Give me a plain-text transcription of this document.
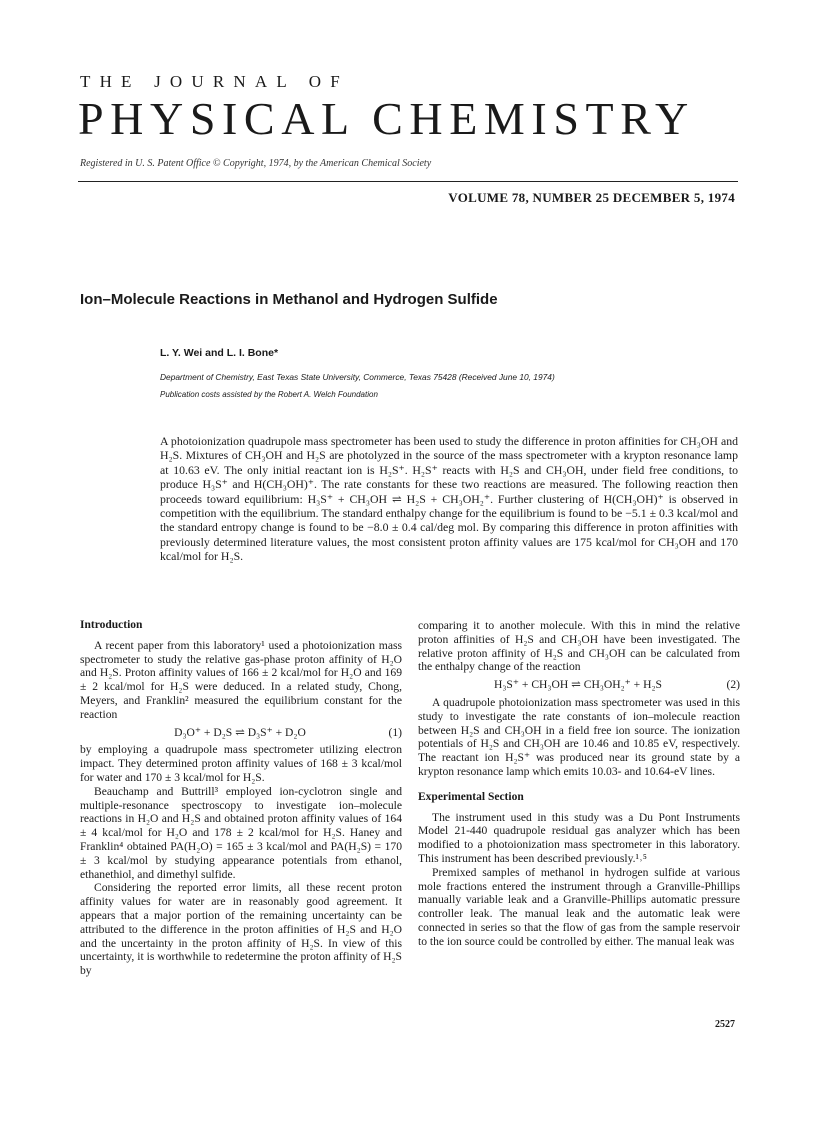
THE JOURNAL OF
PHYSICAL CHEMISTRY
Registered in U. S. Patent Office © Copyright, 1974, by the American Chemical Society
VOLUME 78, NUMBER 25 DECEMBER 5, 1974
Ion–Molecule Reactions in Methanol and Hydrogen Sulfide
L. Y. Wei and L. I. Bone*
Department of Chemistry, East Texas State University, Commerce, Texas 75428 (Received June 10, 1974)
Publication costs assisted by the Robert A. Welch Foundation
A photoionization quadrupole mass spectrometer has been used to study the difference in proton affinities for CH₃OH and H₂S. Mixtures of CH₃OH and H₂S are photolyzed in the source of the mass spectrometer with a krypton resonance lamp at 10.63 eV. The only initial reactant ion is H₂S⁺. H₂S⁺ reacts with H₂S and CH₃OH, under field free conditions, to produce H₃S⁺ and H(CH₃OH)⁺. The rate constants for these two reactions are measured. The following reaction then proceeds toward equilibrium: H₃S⁺ + CH₃OH ⇌ H₂S + CH₃OH₂⁺. Further clustering of H(CH₃OH)⁺ is observed in competition with the equilibrium. The standard enthalpy change for the equilibrium is found to be −5.1 ± 0.3 kcal/mol and the standard entropy change is found to be −8.0 ± 0.4 cal/deg mol. By comparing this difference in proton affinities with previously determined literature values, the most consistent proton affinity values are 175 kcal/mol for CH₃OH and 170 kcal/mol for H₂S.
Introduction

A recent paper from this laboratory¹ used a photoionization mass spectrometer to study the relative gas-phase proton affinity of H₂O and H₂S. Proton affinity values of 166 ± 2 kcal/mol for H₂O and 169 ± 2 kcal/mol for H₂S were deduced. In a related study, Chong, Meyers, and Franklin² measured the equilibrium constant for the reaction

D₃O⁺ + D₂S ⇌ D₃S⁺ + D₂O	(1)

by employing a quadrupole mass spectrometer utilizing electron impact. They determined proton affinity values of 168 ± 3 kcal/mol for water and 170 ± 3 kcal/mol for H₂S.

Beauchamp and Buttrill³ employed ion-cyclotron single and multiple-resonance spectroscopy to investigate ion–molecule reactions in H₂O and H₂S and obtained proton affinity values of 164 ± 4 kcal/mol for H₂O and 178 ± 2 kcal/mol for H₂S. Haney and Franklin⁴ obtained PA(H₂O) = 165 ± 3 kcal/mol and PA(H₂S) = 170 ± 3 kcal/mol by studying appearance potentials from ethanol, ethanethiol, and dimethyl sulfide.

Considering the reported error limits, all these recent proton affinity values for water are in reasonably good agreement. It appears that a major portion of the remaining uncertainty can be attributed to the difference in the proton affinities of H₂S and H₂O and the uncertainty in the proton affinity of H₂S. In view of this uncertainty, it is worthwhile to redetermine the proton affinity of H₂S by

comparing it to another molecule. With this in mind the relative proton affinities of H₂S and CH₃OH have been investigated. The relative proton affinity of H₂S and CH₃OH can be calculated from the enthalpy change of the reaction

H₃S⁺ + CH₃OH ⇌ CH₃OH₂⁺ + H₂S	(2)

A quadrupole photoionization mass spectrometer was used in this study to investigate the rate constants of ion–molecule reaction between H₂S and CH₃OH in a field free ion source. The ionization potentials of H₂S and CH₃OH are 10.46 and 10.85 eV, respectively. The reactant ion H₂S⁺ was produced near its ground state by a krypton resonance lamp which emits 10.03- and 10.64-eV lines.

Experimental Section

The instrument used in this study was a Du Pont Instruments Model 21-440 quadrupole residual gas analyzer which has been modified to a photoionization mass spectrometer in this laboratory. This instrument has been described previously.¹˒⁵

Premixed samples of methanol in hydrogen sulfide at various mole fractions entered the instrument through a Granville-Phillips manually variable leak and a Granville-Phillips automatic pressure controller leak. The manual leak and the automatic leak were connected in series so that the flow of gas from the sample reservoir to the ion source could be controlled by either. The manual leak was

2527
